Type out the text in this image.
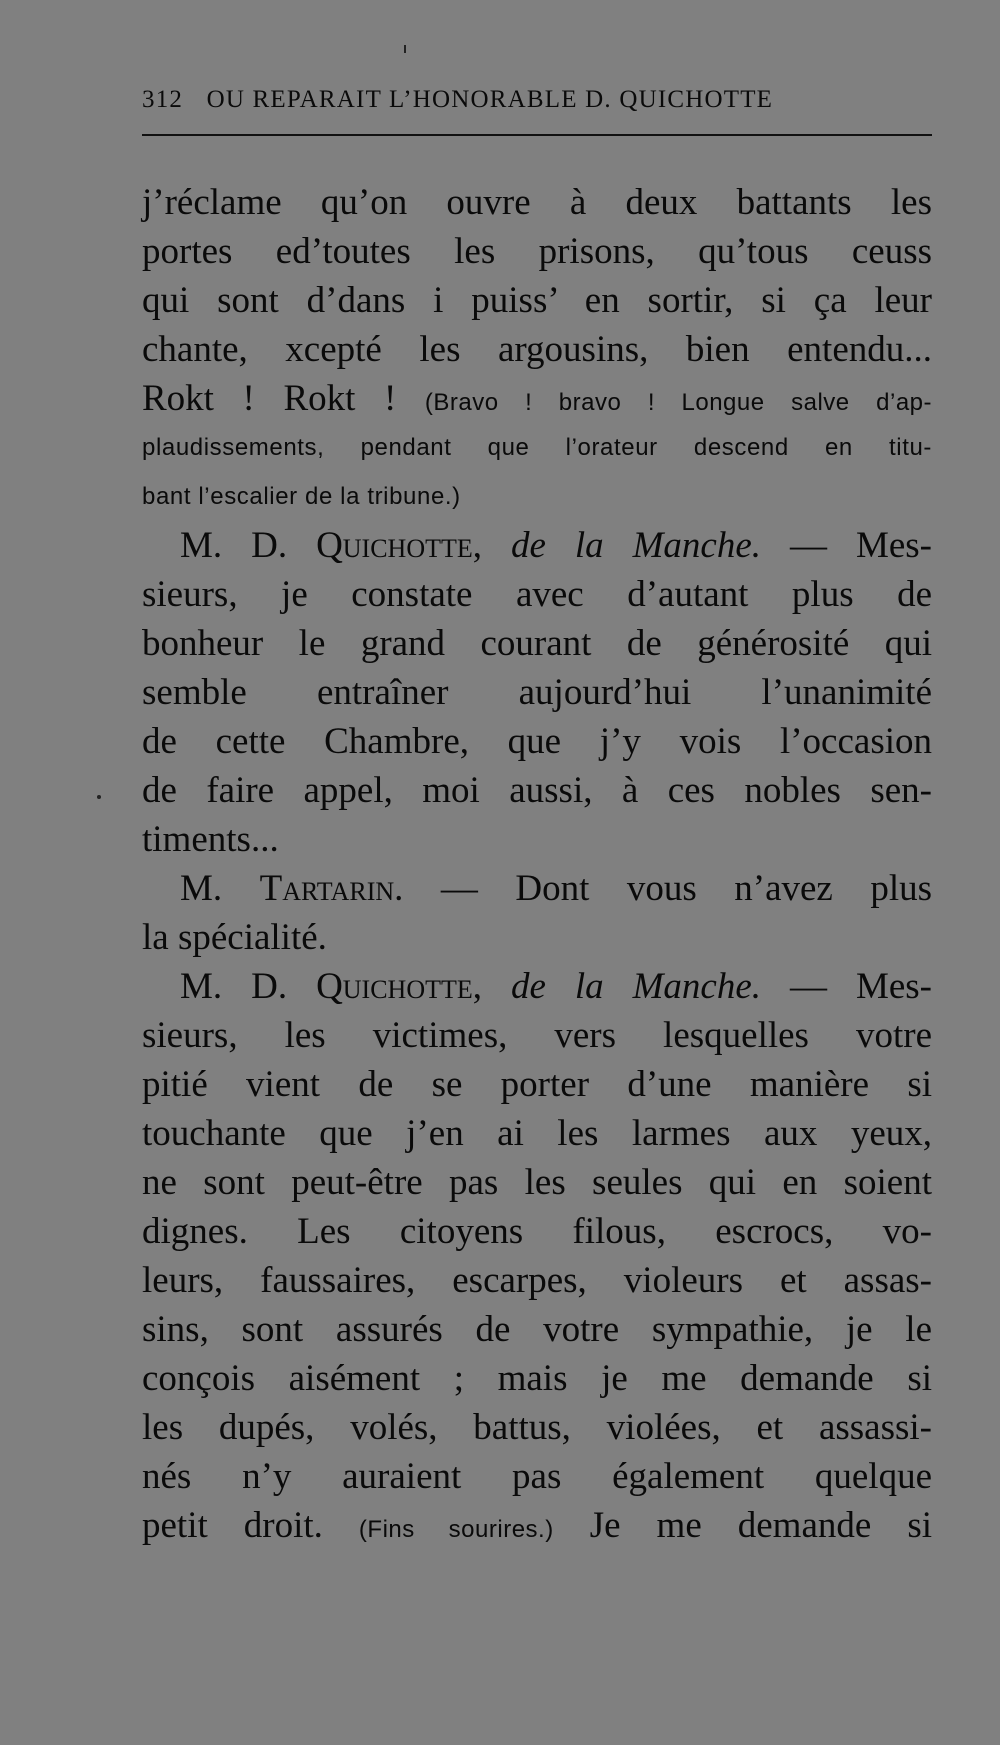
312 OU REPARAIT L’HONORABLE D. QUICHOTTE
j’réclame qu’on ouvre à deux battants les
portes ed’toutes les prisons, qu’tous ceuss
qui sont d’dans i puiss’ en sortir, si ça leur
chante, xcepté les argousins, bien entendu...
Rokt ! Rokt ! (Bravo ! bravo ! Longue salve d’ap-
plaudissements, pendant que l’orateur descend en titu-
bant l’escalier de la tribune.)
M. D. Quichotte, de la Manche. — Mes-
sieurs, je constate avec d’autant plus de
bonheur le grand courant de générosité qui
semble entraîner aujourd’hui l’unanimité
de cette Chambre, que j’y vois l’occasion
de faire appel, moi aussi, à ces nobles sen-
timents...
M. Tartarin. — Dont vous n’avez plus
la spécialité.
M. D. Quichotte, de la Manche. — Mes-
sieurs, les victimes, vers lesquelles votre
pitié vient de se porter d’une manière si
touchante que j’en ai les larmes aux yeux,
ne sont peut-être pas les seules qui en soient
dignes. Les citoyens filous, escrocs, vo-
leurs, faussaires, escarpes, violeurs et assas-
sins, sont assurés de votre sympathie, je le
conçois aisément ; mais je me demande si
les dupés, volés, battus, violées, et assassi-
nés n’y auraient pas également quelque
petit droit. (Fins sourires.) Je me demande si
